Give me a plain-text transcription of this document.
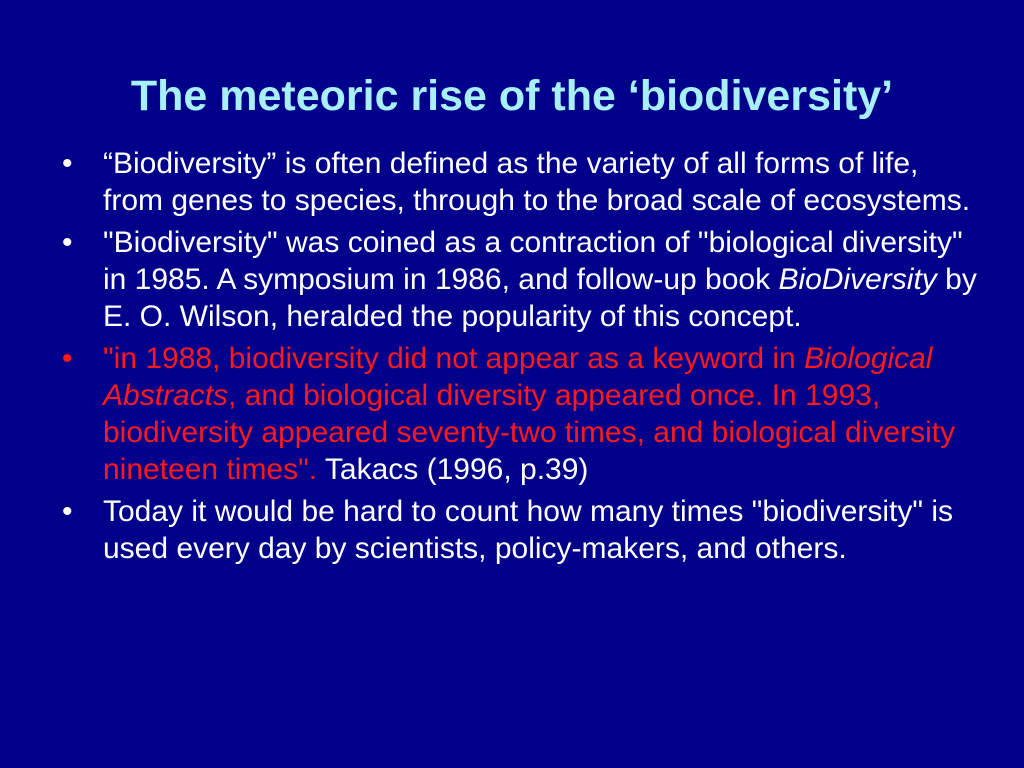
The meteoric rise of the ‘biodiversity’
•	“Biodiversity” is often defined as the variety of all forms of life, from genes to species, through to the broad scale of ecosystems.
•	"Biodiversity" was coined as a contraction of "biological diversity" in 1985. A symposium in 1986, and follow-up book BioDiversity by E. O. Wilson, heralded the popularity of this concept.
•	"in 1988, biodiversity did not appear as a keyword in Biological Abstracts, and biological diversity appeared once. In 1993, biodiversity appeared seventy-two times, and biological diversity nineteen times". Takacs (1996, p.39)
•	Today it would be hard to count how many times "biodiversity" is used every day by scientists, policy-makers, and others.
